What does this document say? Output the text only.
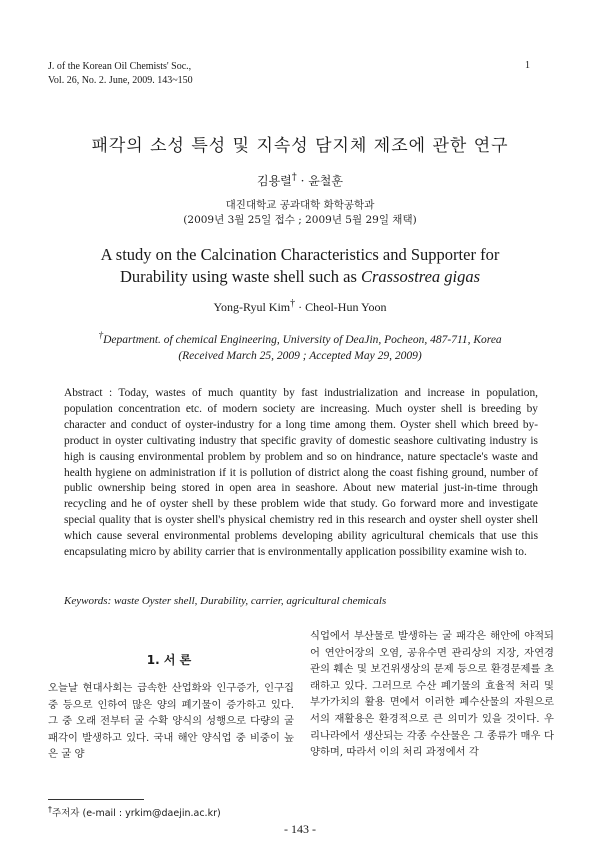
J. of the Korean Oil Chemists' Soc.,
Vol. 26, No. 2. June, 2009. 143~150
1
패각의 소성 특성 및 지속성 담지체 제조에 관한 연구
김용렬† · 윤철훈
대진대학교 공과대학 화학공학과
(2009년 3월 25일 접수 ; 2009년 5월 29일 채택)
A study on the Calcination Characteristics and Supporter for
Durability using waste shell such as Crassostrea gigas
Yong-Ryul Kim† · Cheol-Hun Yoon
†Department. of chemical Engineering, University of DeaJin, Pocheon, 487-711, Korea
(Received March 25, 2009 ; Accepted May 29, 2009)
Abstract : Today, wastes of much quantity by fast industrialization and increase in population, population concentration etc. of modern society are increasing. Much oyster shell is breeding by character and conduct of oyster-industry for a long time among them. Oyster shell which breed by-product in oyster cultivating industry that specific gravity of domestic seashore cultivating industry is high is causing environmental problem by problem and so on hindrance, nature spectacle's waste and health hygiene on administration if it is pollution of district along the coast fishing ground, number of public ownership being stored in open area in seashore. About new material just-in-time through recycling and he of oyster shell by these problem wide that study. Go forward more and investigate special quality that is oyster shell's physical chemistry red in this research and oyster shell oyster shell which cause several environmental problems developing ability agricultural chemicals that use this encapsulating micro by ability carrier that is environmentally application possibility examine wish to.
Keywords: waste Oyster shell, Durability, carrier, agricultural chemicals
1. 서 론
오늘날 현대사회는 급속한 산업화와 인구증가, 인구집중 등으로 인하여 많은 양의 폐기물이 증가하고 있다. 그 중 오래 전부터 굴 수확 양식의 성행으로 다량의 굴 패각이 발생하고 있다. 국내 해안 양식업 중 비중이 높은 굴 양
식업에서 부산물로 발생하는 굴 패각은 해안에 야적되어 연안어장의 오염, 공유수면 관리상의 지장, 자연경관의 훼손 및 보건위생상의 문제 등으로 환경문제를 초래하고 있다. 그러므로 수산 폐기물의 효율적 처리 및 부가가치의 활용 면에서 이러한 폐수산물의 자원으로서의 재활용은 환경적으로 큰 의미가 있을 것이다. 우리나라에서 생산되는 각종 수산물은 그 종류가 매우 다양하며, 따라서 이의 처리 과정에서 각
†주저자 (e-mail : yrkim@daejin.ac.kr)
- 143 -
